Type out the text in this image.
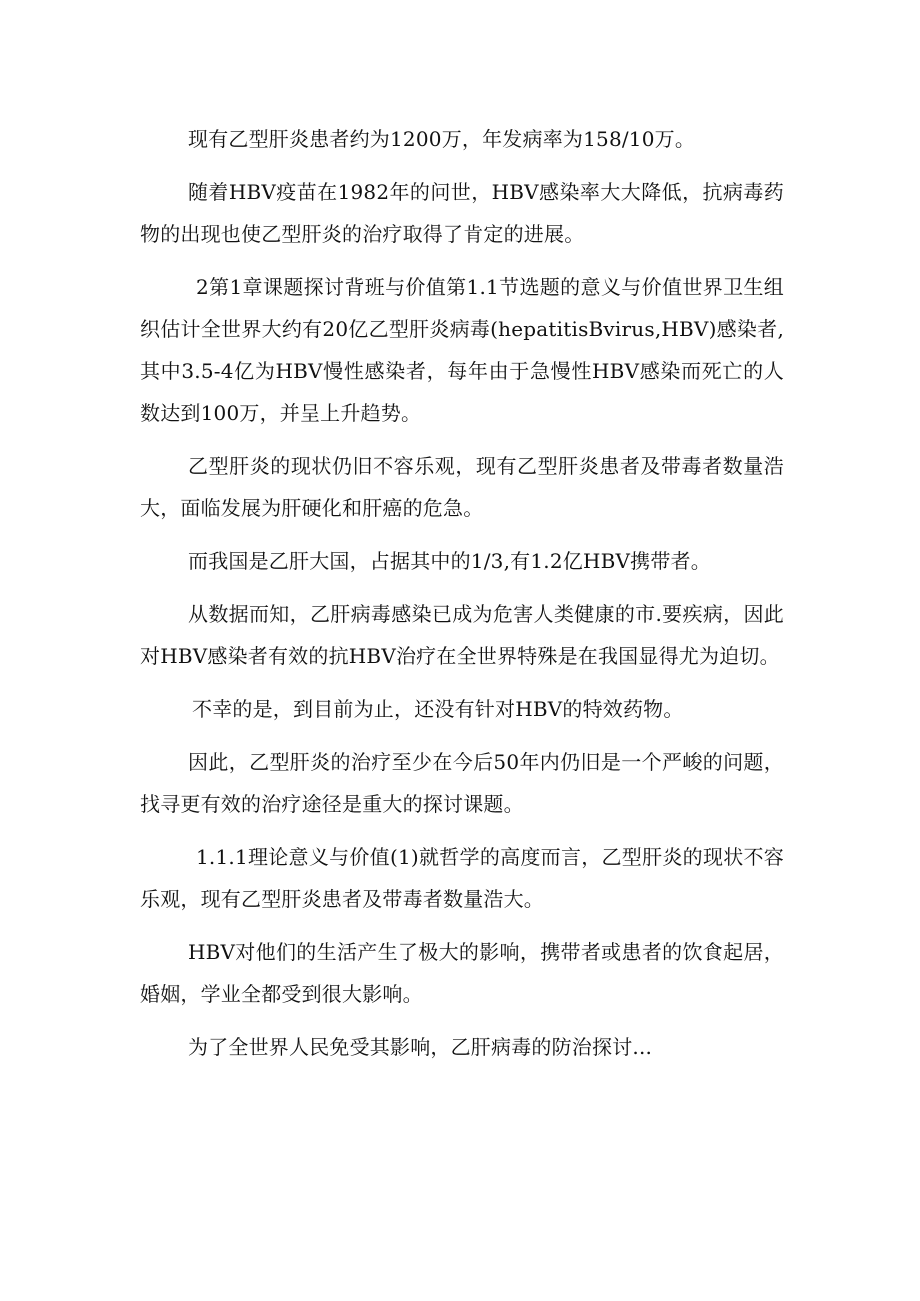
现有乙型肝炎患者约为1200万，年发病率为158/10万。

随着HBV疫苗在1982年的问世，HBV感染率大大降低，抗病毒药物的出现也使乙型肝炎的治疗取得了肯定的进展。

2第1章课题探讨背班与价值第1.1节选题的意义与价值世界卫生组织估计全世界大约有20亿乙型肝炎病毒(hepatitisBvirus,HBV)感染者,其中3.5-4亿为HBV慢性感染者，每年由于急慢性HBV感染而死亡的人数达到100万，并呈上升趋势。

乙型肝炎的现状仍旧不容乐观，现有乙型肝炎患者及带毒者数量浩大，面临发展为肝硬化和肝癌的危急。

而我国是乙肝大国，占据其中的1/3,有1.2亿HBV携带者。

从数据而知，乙肝病毒感染已成为危害人类健康的市.要疾病，因此对HBV感染者有效的抗HBV治疗在全世界特殊是在我国显得尤为迫切。

不幸的是，到目前为止，还没有针对HBV的特效药物。

因此，乙型肝炎的治疗至少在今后50年内仍旧是一个严峻的问题，找寻更有效的治疗途径是重大的探讨课题。

1.1.1理论意义与价值(1)就哲学的高度而言，乙型肝炎的现状不容乐观，现有乙型肝炎患者及带毒者数量浩大。

HBV对他们的生活产生了极大的影响，携带者或患者的饮食起居，婚姻，学业全都受到很大影响。

为了全世界人民免受其影响，乙肝病毒的防治探讨...
